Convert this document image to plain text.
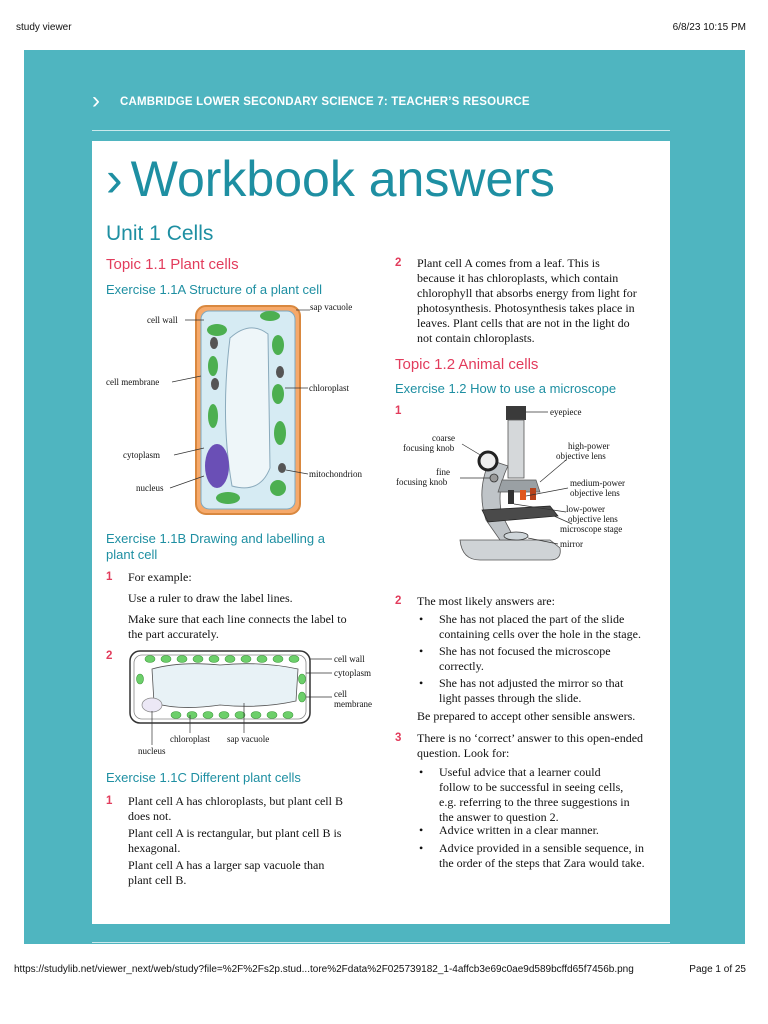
study viewer	6/8/23 10:15 PM
› CAMBRIDGE LOWER SECONDARY SCIENCE 7: TEACHER’S RESOURCE
› Workbook answers
Unit 1 Cells
Topic 1.1 Plant cells
Exercise 1.1A Structure of a plant cell
sap vacuole
cell wall
cell membrane
chloroplast
cytoplasm
mitochondrion
nucleus
Exercise 1.1B Drawing and labelling a
plant cell
1 For example:
Use a ruler to draw the label lines.
Make sure that each line connects the label to
the part accurately.
2	cell wall
cytoplasm
cell
membrane
chloroplast sap vacuole
nucleus
Exercise 1.1C Different plant cells
1 Plant cell A has chloroplasts, but plant cell B
does not.
Plant cell A is rectangular, but plant cell B is
hexagonal.
Plant cell A has a larger sap vacuole than
plant cell B.
2 Plant cell A comes from a leaf. This is
because it has chloroplasts, which contain
chlorophyll that absorbs energy from light for
photosynthesis. Photosynthesis takes place in
leaves. Plant cells that are not in the light do
not contain chloroplasts.
Topic 1.2 Animal cells
Exercise 1.2 How to use a microscope
1	eyepiece
coarse
focusing knob
fine
focusing knob
high-power
objective lens
medium-power
objective lens
low-power
objective lens
microscope stage
mirror
2 The most likely answers are:
• She has not placed the part of the slide
containing cells over the hole in the stage.
• She has not focused the microscope
correctly.
• She has not adjusted the mirror so that
light passes through the slide.
Be prepared to accept other sensible answers.
3 There is no ‘correct’ answer to this open-ended
question. Look for:
• Useful advice that a learner could
follow to be successful in seeing cells,
e.g. referring to the three suggestions in
the answer to question 2.
• Advice written in a clear manner.
• Advice provided in a sensible sequence, in
the order of the steps that Zara would take.
https://studylib.net/viewer_next/web/study?file=%2F%2Fs2p.stud...tore%2Fdata%2F025739182_1-4affcb3e69c0ae9d589bcffd65f7456b.png	Page 1 of 25
